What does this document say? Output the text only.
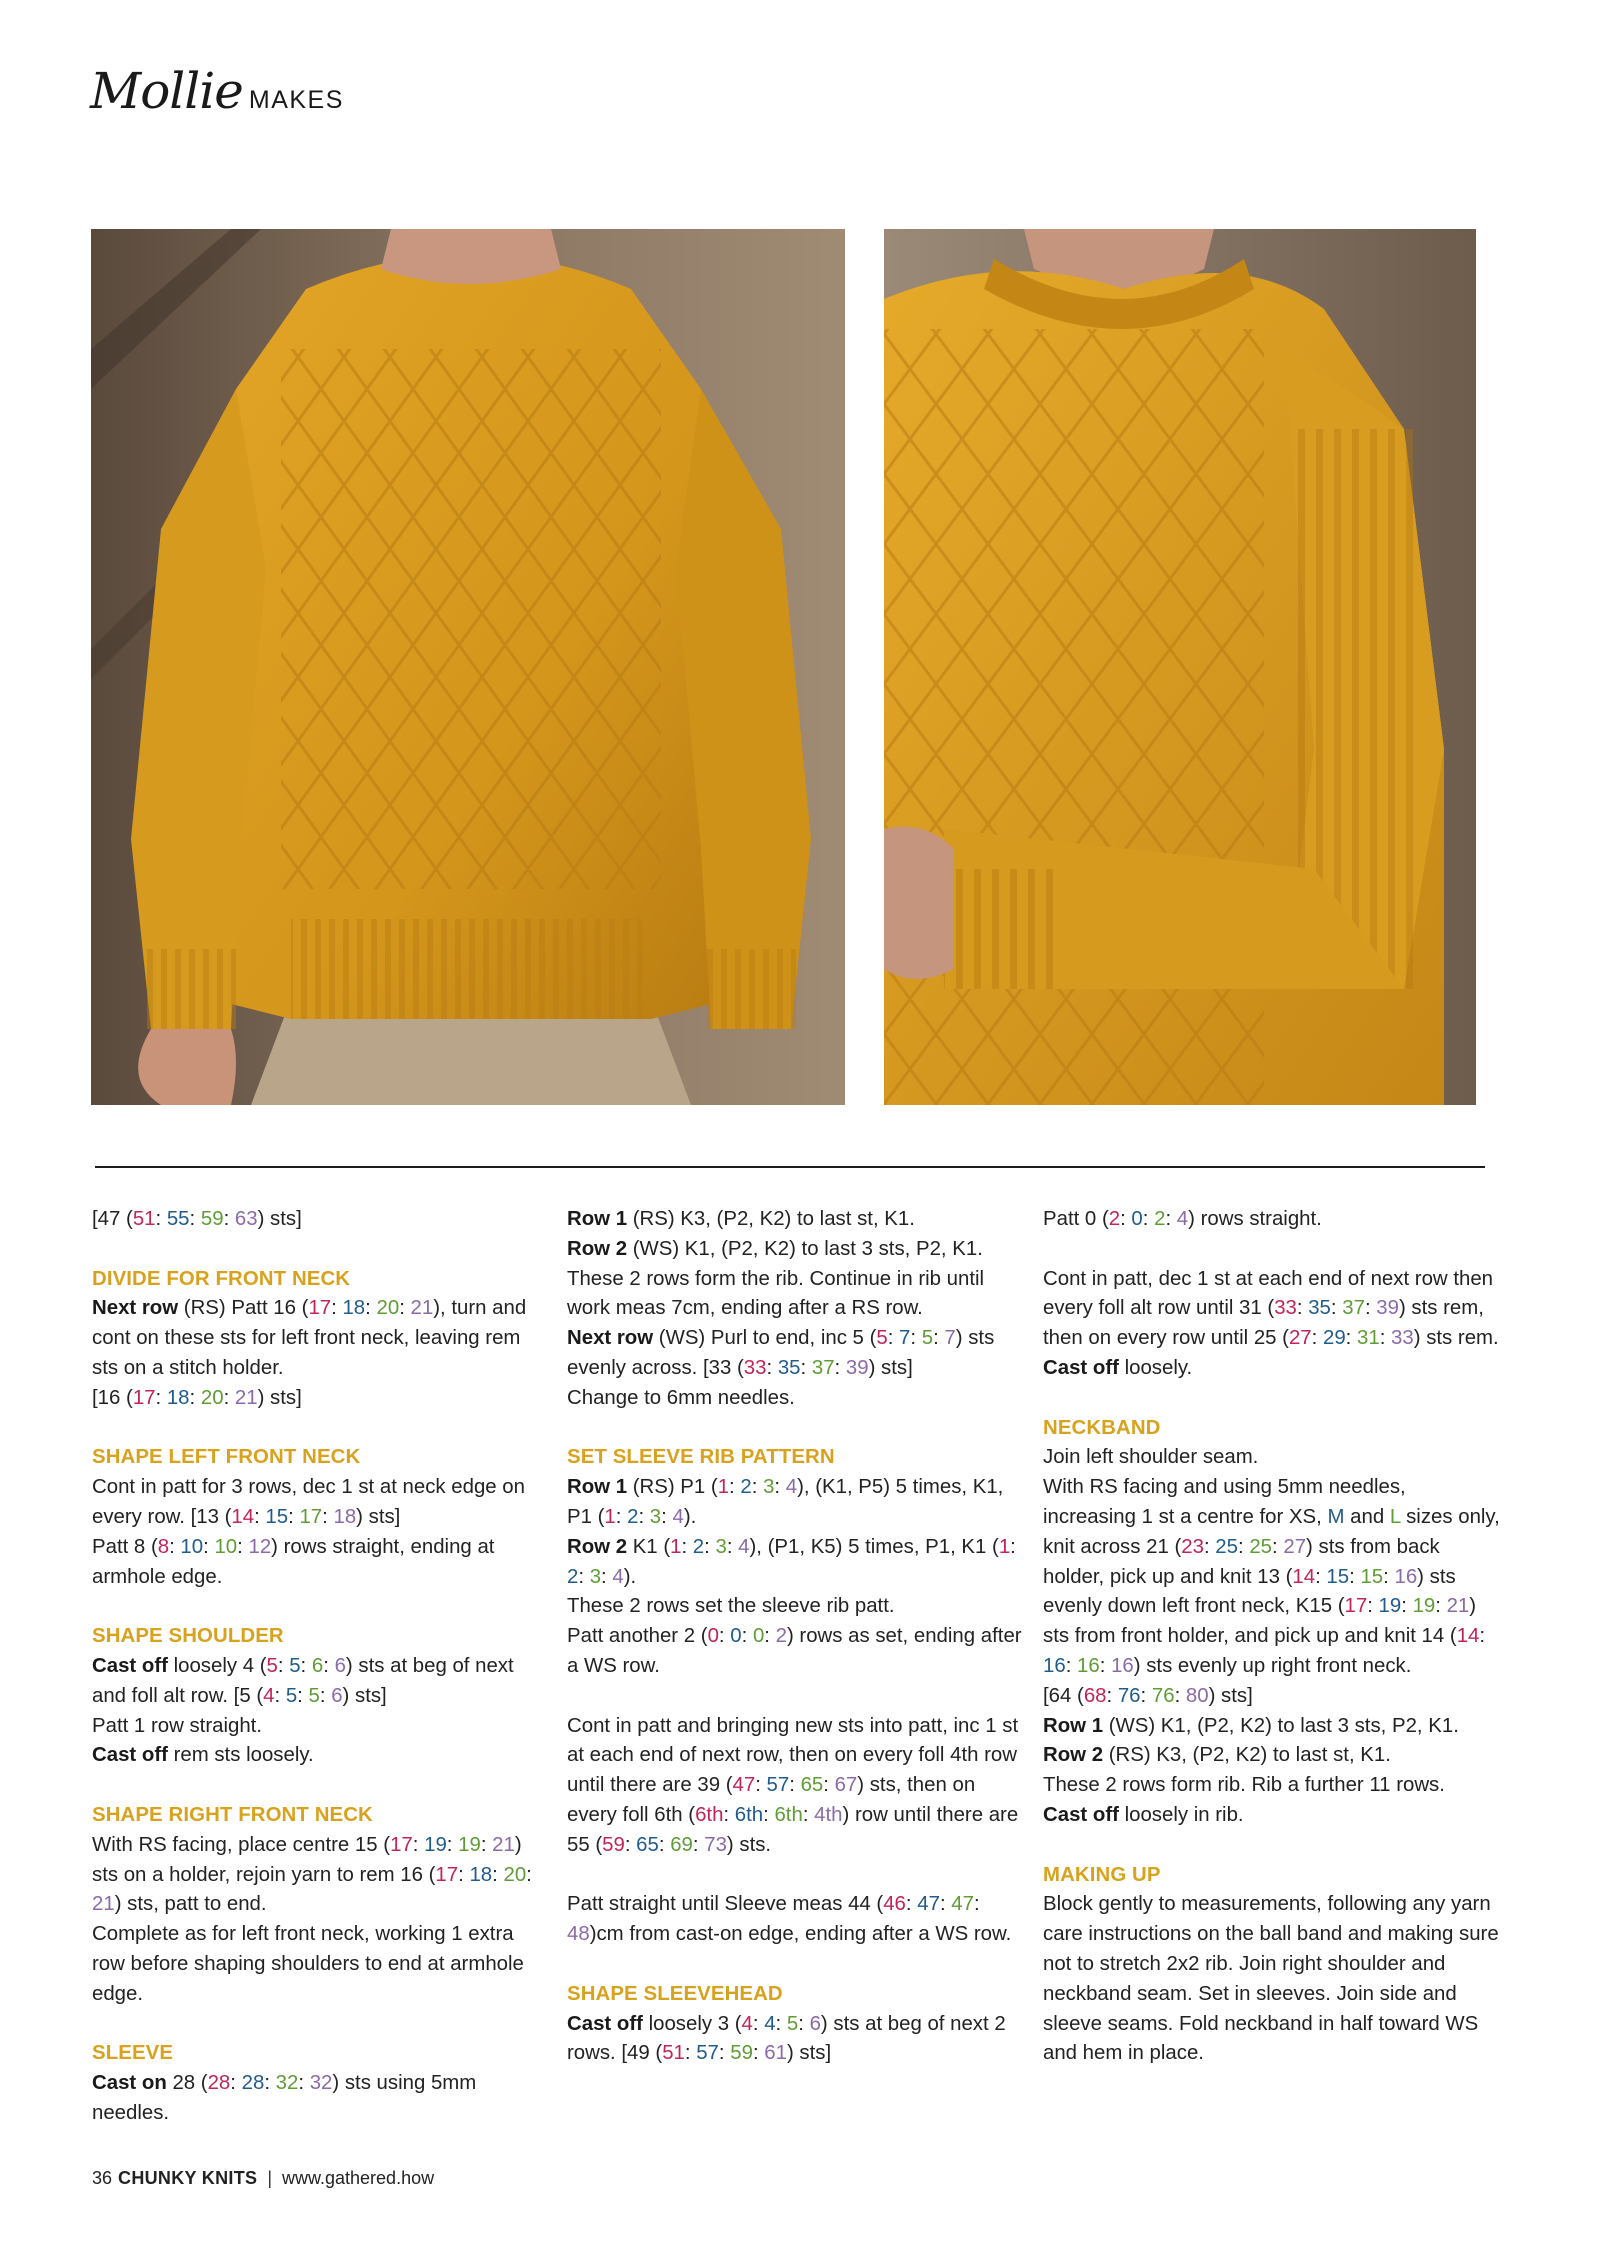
Mollie MAKES

[47 (51: 55: 59: 63) sts]

DIVIDE FOR FRONT NECK
Next row (RS) Patt 16 (17: 18: 20: 21), turn and cont on these sts for left front neck, leaving rem sts on a stitch holder.
[16 (17: 18: 20: 21) sts]

SHAPE LEFT FRONT NECK
Cont in patt for 3 rows, dec 1 st at neck edge on every row. [13 (14: 15: 17: 18) sts]
Patt 8 (8: 10: 10: 12) rows straight, ending at armhole edge.

SHAPE SHOULDER
Cast off loosely 4 (5: 5: 6: 6) sts at beg of next and foll alt row. [5 (4: 5: 5: 6) sts]
Patt 1 row straight.
Cast off rem sts loosely.

SHAPE RIGHT FRONT NECK
With RS facing, place centre 15 (17: 19: 19: 21) sts on a holder, rejoin yarn to rem 16 (17: 18: 20: 21) sts, patt to end.
Complete as for left front neck, working 1 extra row before shaping shoulders to end at armhole edge.

SLEEVE
Cast on 28 (28: 28: 32: 32) sts using 5mm needles.

Row 1 (RS) K3, (P2, K2) to last st, K1.
Row 2 (WS) K1, (P2, K2) to last 3 sts, P2, K1.
These 2 rows form the rib. Continue in rib until work meas 7cm, ending after a RS row.
Next row (WS) Purl to end, inc 5 (5: 7: 5: 7) sts evenly across. [33 (33: 35: 37: 39) sts]
Change to 6mm needles.

SET SLEEVE RIB PATTERN
Row 1 (RS) P1 (1: 2: 3: 4), (K1, P5) 5 times, K1, P1 (1: 2: 3: 4).
Row 2 K1 (1: 2: 3: 4), (P1, K5) 5 times, P1, K1 (1: 2: 3: 4).
These 2 rows set the sleeve rib patt.
Patt another 2 (0: 0: 0: 2) rows as set, ending after a WS row.

Cont in patt and bringing new sts into patt, inc 1 st at each end of next row, then on every foll 4th row until there are 39 (47: 57: 65: 67) sts, then on every foll 6th (6th: 6th: 6th: 4th) row until there are 55 (59: 65: 69: 73) sts.

Patt straight until Sleeve meas 44 (46: 47: 47: 48)cm from cast-on edge, ending after a WS row.

SHAPE SLEEVEHEAD
Cast off loosely 3 (4: 4: 5: 6) sts at beg of next 2 rows. [49 (51: 57: 59: 61) sts]

Patt 0 (2: 0: 2: 4) rows straight.

Cont in patt, dec 1 st at each end of next row then every foll alt row until 31 (33: 35: 37: 39) sts rem, then on every row until 25 (27: 29: 31: 33) sts rem.
Cast off loosely.

NECKBAND
Join left shoulder seam.
With RS facing and using 5mm needles, increasing 1 st a centre for XS, M and L sizes only, knit across 21 (23: 25: 25: 27) sts from back holder, pick up and knit 13 (14: 15: 15: 16) sts evenly down left front neck, K15 (17: 19: 19: 21) sts from front holder, and pick up and knit 14 (14: 16: 16: 16) sts evenly up right front neck.
[64 (68: 76: 76: 80) sts]
Row 1 (WS) K1, (P2, K2) to last 3 sts, P2, K1.
Row 2 (RS) K3, (P2, K2) to last st, K1.
These 2 rows form rib. Rib a further 11 rows.
Cast off loosely in rib.

MAKING UP
Block gently to measurements, following any yarn care instructions on the ball band and making sure not to stretch 2x2 rib. Join right shoulder and neckband seam. Set in sleeves. Join side and sleeve seams. Fold neckband in half toward WS and hem in place.

36 CHUNKY KNITS | www.gathered.how
